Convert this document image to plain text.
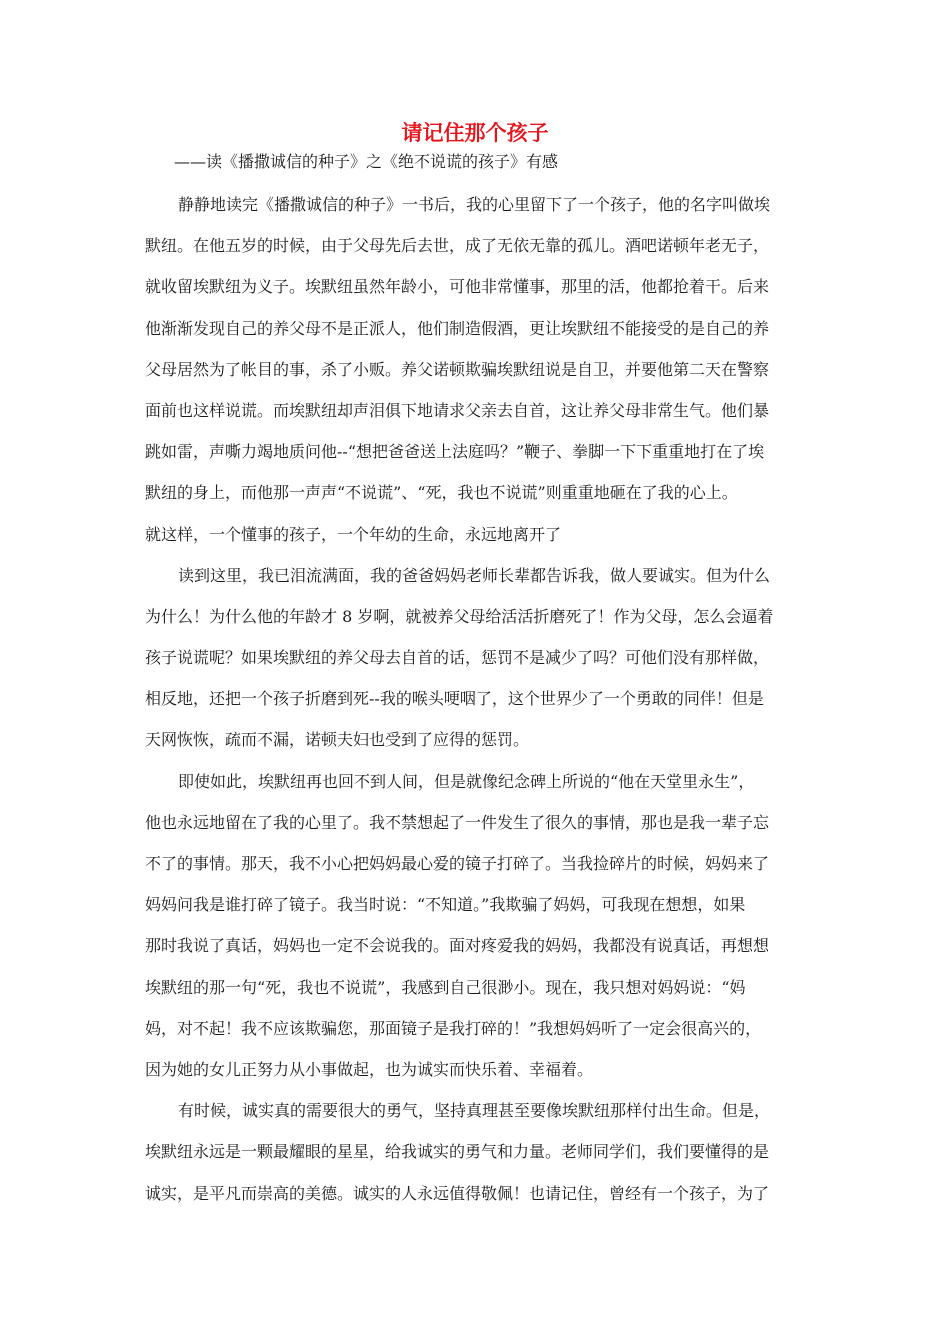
请记住那个孩子
——读《播撒诚信的种子》之《绝不说谎的孩子》有感

静静地读完《播撒诚信的种子》一书后，我的心里留下了一个孩子，他的名字叫做埃
默纽。在他五岁的时候，由于父母先后去世，成了无依无靠的孤儿。酒吧诺顿年老无子，
就收留埃默纽为义子。埃默纽虽然年龄小，可他非常懂事，那里的活，他都抢着干。后来
他渐渐发现自己的养父母不是正派人，他们制造假酒，更让埃默纽不能接受的是自己的养
父母居然为了帐目的事，杀了小贩。养父诺顿欺骗埃默纽说是自卫，并要他第二天在警察
面前也这样说谎。而埃默纽却声泪俱下地请求父亲去自首，这让养父母非常生气。他们暴
跳如雷，声嘶力竭地质问他--“想把爸爸送上法庭吗？”鞭子、拳脚一下下重重地打在了埃
默纽的身上，而他那一声声“不说谎”、“死，我也不说谎”则重重地砸在了我的心上。
就这样，一个懂事的孩子，一个年幼的生命，永远地离开了

读到这里，我已泪流满面，我的爸爸妈妈老师长辈都告诉我，做人要诚实。但为什么
为什么！为什么他的年龄才 8 岁啊，就被养父母给活活折磨死了！作为父母，怎么会逼着
孩子说谎呢？如果埃默纽的养父母去自首的话，惩罚不是减少了吗？可他们没有那样做，
相反地，还把一个孩子折磨到死--我的喉头哽咽了，这个世界少了一个勇敢的同伴！但是
天网恢恢，疏而不漏，诺顿夫妇也受到了应得的惩罚。

即使如此，埃默纽再也回不到人间，但是就像纪念碑上所说的“他在天堂里永生”，
他也永远地留在了我的心里了。我不禁想起了一件发生了很久的事情，那也是我一辈子忘
不了的事情。那天，我不小心把妈妈最心爱的镜子打碎了。当我捡碎片的时候，妈妈来了
妈妈问我是谁打碎了镜子。我当时说：“不知道。”我欺骗了妈妈，可我现在想想，如果
那时我说了真话，妈妈也一定不会说我的。面对疼爱我的妈妈，我都没有说真话，再想想
埃默纽的那一句“死，我也不说谎”，我感到自己很渺小。现在，我只想对妈妈说：“妈
妈，对不起！我不应该欺骗您，那面镜子是我打碎的！”我想妈妈听了一定会很高兴的，
因为她的女儿正努力从小事做起，也为诚实而快乐着、幸福着。

有时候，诚实真的需要很大的勇气，坚持真理甚至要像埃默纽那样付出生命。但是，
埃默纽永远是一颗最耀眼的星星，给我诚实的勇气和力量。老师同学们，我们要懂得的是
诚实，是平凡而崇高的美德。诚实的人永远值得敬佩！也请记住，曾经有一个孩子，为了
